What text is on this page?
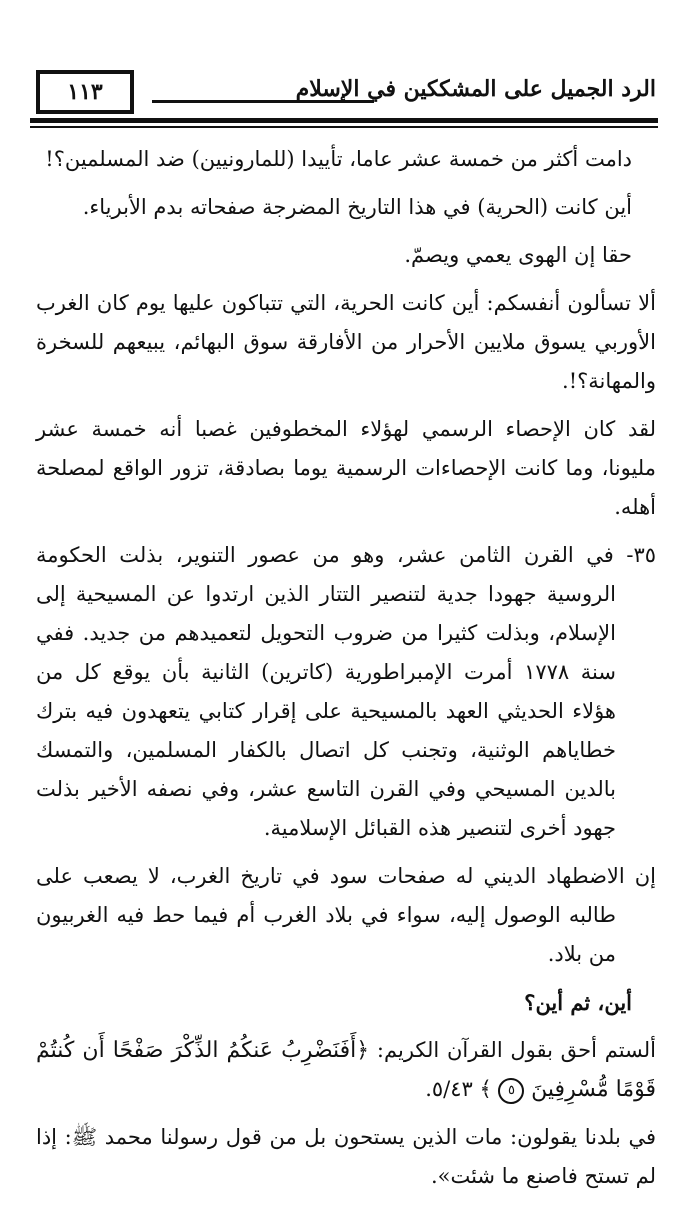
١١٣	الرد الجميل على المشككين في الإسلام

دامت أكثر من خمسة عشر عاما، تأييدا (للمارونيين) ضد المسلمين؟!

أين كانت (الحرية) في هذا التاريخ المضرجة صفحاته بدم الأبرياء.

حقا إن الهوى يعمي ويصمّ.

ألا تسألون أنفسكم: أين كانت الحرية، التي تتباكون عليها يوم كان الغرب الأوربي يسوق ملايين الأحرار من الأفارقة سوق البهائم، يبيعهم للسخرة والمهانة؟!.

لقد كان الإحصاء الرسمي لهؤلاء المخطوفين غصبا أنه خمسة عشر مليونا، وما كانت الإحصاءات الرسمية يوما بصادقة، تزور الواقع لمصلحة أهله.

٣٥- في القرن الثامن عشر، وهو من عصور التنوير، بذلت الحكومة الروسية جهودا جدية لتنصير التتار الذين ارتدوا عن المسيحية إلى الإسلام، وبذلت كثيرا من ضروب التحويل لتعميدهم من جديد. ففي سنة ١٧٧٨ أمرت الإمبراطورية (كاترين) الثانية بأن يوقع كل من هؤلاء الحديثي العهد بالمسيحية على إقرار كتابي يتعهدون فيه بترك خطاياهم الوثنية، وتجنب كل اتصال بالكفار المسلمين، والتمسك بالدين المسيحي وفي القرن التاسع عشر، وفي نصفه الأخير بذلت جهود أخرى لتنصير هذه القبائل الإسلامية.

إن الاضطهاد الديني له صفحات سود في تاريخ الغرب، لا يصعب على طالبه الوصول إليه، سواء في بلاد الغرب أم فيما حط فيه الغربيون من بلاد.

أين، ثم أين؟

ألستم أحق بقول القرآن الكريم: ﴿أَفَنَضْرِبُ عَنكُمُ الذِّكْرَ صَفْحًا أَن كُنتُمْ قَوْمًا مُّسْرِفِينَ ٥ ﴾ ٥/٤٣.

في بلدنا يقولون: مات الذين يستحون بل من قول رسولنا محمد ﷺ: إذا لم تستح فاصنع ما شئت».
